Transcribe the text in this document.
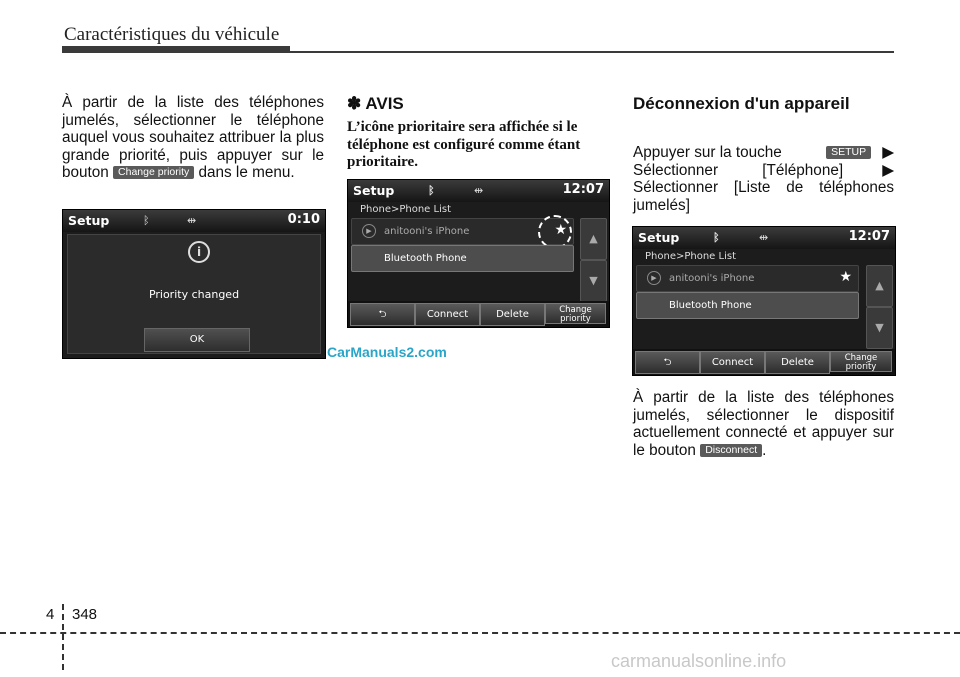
Caractéristiques du véhicule
À partir de la liste des téléphones jumelés, sélectionner le téléphone auquel vous souhaitez attribuer la plus grande priorité, puis appuyer sur le bouton Change priority dans le menu.
Setup	ᛒ	⇹	0:10
i
Priority changed
OK
✽ AVIS
L’icône prioritaire sera affichée si le téléphone est configuré comme étant prioritaire.
Setup	ᛒ	⇹	12:07
Phone>Phone List
▶	anitooni's iPhone	★
Bluetooth Phone
▲
▼
⮌	Connect	Delete	Change
priority
CarManuals2.com
Déconnexion d'un appareil
Appuyer sur la touche	SETUP ▶
Sélectionner [Téléphone]	▶
Sélectionner [Liste de téléphones jumelés]
Setup	ᛒ	⇹	12:07
Phone>Phone List
▶	anitooni's iPhone	★
Bluetooth Phone
▲
▼
⮌	Connect	Delete	Change
priority
À partir de la liste des téléphones jumelés, sélectionner le dispositif actuellement connecté et appuyer sur le bouton Disconnect .
4 348
carmanualsonline.info
